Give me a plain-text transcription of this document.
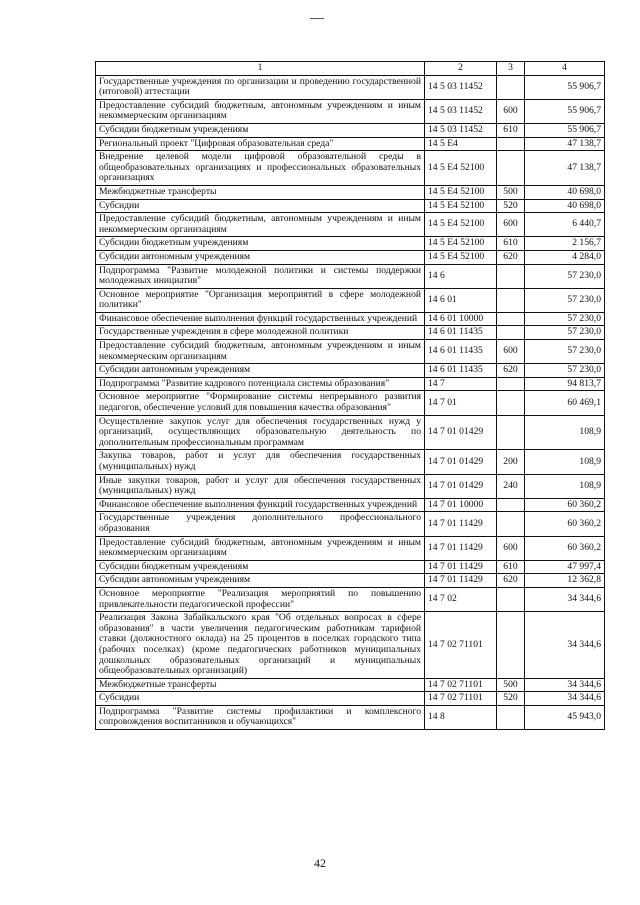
1	2	3	4
Государственные учреждения по организации и проведению государственной (итоговой) аттестации	14 5 03 11452		55 906,7
Предоставление субсидий бюджетным, автономным учреждениям и иным некоммерческим организациям	14 5 03 11452	600	55 906,7
Субсидии бюджетным учреждениям	14 5 03 11452	610	55 906,7
Региональный проект "Цифровая образовательная среда"	14 5 E4		47 138,7
Внедрение целевой модели цифровой образовательной среды в общеобразовательных организациях и профессиональных образовательных организациях	14 5 E4 52100		47 138,7
Межбюджетные трансферты	14 5 E4 52100	500	40 698,0
Субсидии	14 5 E4 52100	520	40 698,0
Предоставление субсидий бюджетным, автономным учреждениям и иным некоммерческим организациям	14 5 E4 52100	600	6 440,7
Субсидии бюджетным учреждениям	14 5 E4 52100	610	2 156,7
Субсидии автономным учреждениям	14 5 E4 52100	620	4 284,0
Подпрограмма "Развитие молодежной политики и системы поддержки молодежных инициатив"	14 6		57 230,0
Основное мероприятие "Организация мероприятий в сфере молодежной политики"	14 6 01		57 230,0
Финансовое обеспечение выполнения функций государственных учреждений	14 6 01 10000		57 230,0
Государственные учреждения в сфере молодежной политики	14 6 01 11435		57 230,0
Предоставление субсидий бюджетным, автономным учреждениям и иным некоммерческим организациям	14 6 01 11435	600	57 230,0
Субсидии автономным учреждениям	14 6 01 11435	620	57 230,0
Подпрограмма "Развитие кадрового потенциала системы образования"	14 7		94 813,7
Основное мероприятие "Формирование системы непрерывного развития педагогов, обеспечение условий для повышения качества образования"	14 7 01		60 469,1
Осуществление закупок услуг для обеспечения государственных нужд у организаций, осуществляющих образовательную деятельность по дополнительным профессиональным программам	14 7 01 01429		108,9
Закупка товаров, работ и услуг для обеспечения государственных (муниципальных) нужд	14 7 01 01429	200	108,9
Иные закупки товаров, работ и услуг для обеспечения государственных (муниципальных) нужд	14 7 01 01429	240	108,9
Финансовое обеспечение выполнения функций государственных учреждений	14 7 01 10000		60 360,2
Государственные учреждения дополнительного профессионального образования	14 7 01 11429		60 360,2
Предоставление субсидий бюджетным, автономным учреждениям и иным некоммерческим организациям	14 7 01 11429	600	60 360,2
Субсидии бюджетным учреждениям	14 7 01 11429	610	47 997,4
Субсидии автономным учреждениям	14 7 01 11429	620	12 362,8
Основное мероприятие "Реализация мероприятий по повышению привлекательности педагогической профессии"	14 7 02		34 344,6
Реализация Закона Забайкальского края "Об отдельных вопросах в сфере образования" в части увеличения педагогическим работникам тарифной ставки (должностного оклада) на 25 процентов в поселках городского типа (рабочих поселках) (кроме педагогических работников муниципальных дошкольных образовательных организаций и муниципальных общеобразовательных организаций)	14 7 02 71101		34 344,6
Межбюджетные трансферты	14 7 02 71101	500	34 344,6
Субсидии	14 7 02 71101	520	34 344,6
Подпрограмма "Развитие системы профилактики и комплексного сопровождения воспитанников и обучающихся"	14 8		45 943,0
42
